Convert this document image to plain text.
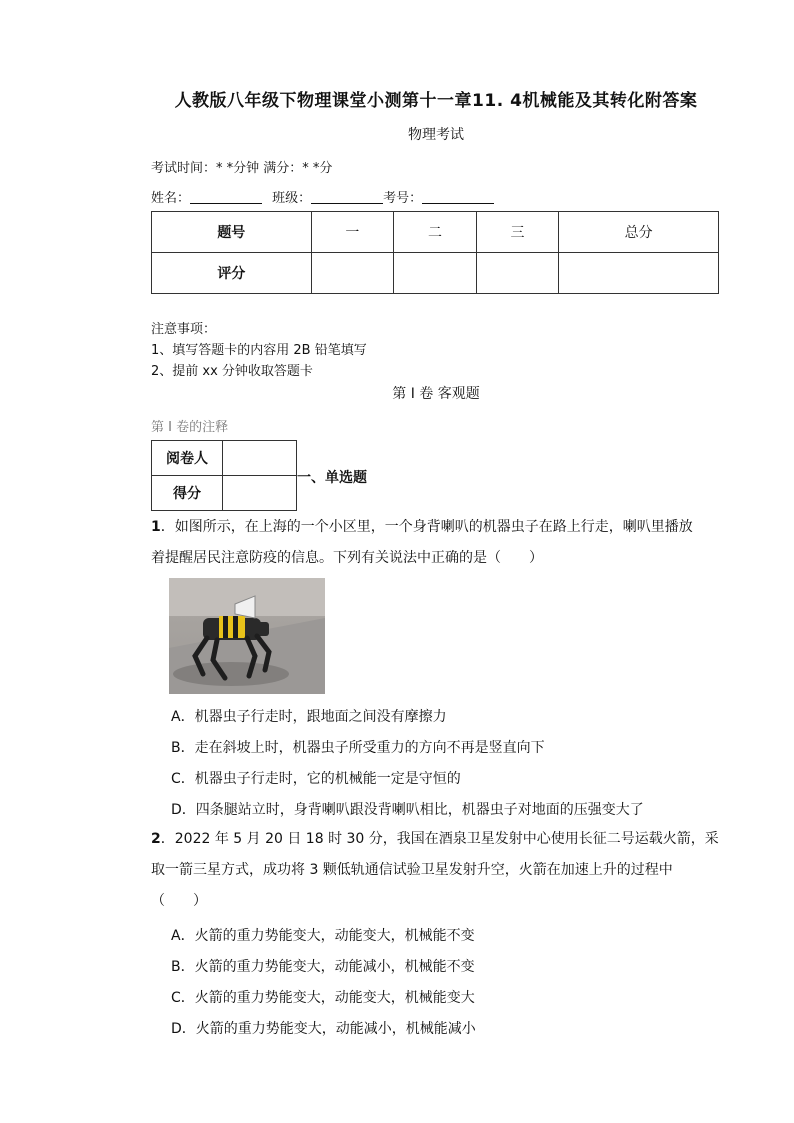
人教版八年级下物理课堂小测第十一章11. 4机械能及其转化附答案
物理考试
考试时间：* *分钟 满分：* *分
姓名：	班级：	考号：
题号	一	二	三	总分
评分				
注意事项：
1、填写答题卡的内容用 2B 铅笔填写
2、提前 xx 分钟收取答题卡
第 I 卷 客观题
第 I 卷的注释
阅卷人	
得分	
一、单选题
1．如图所示，在上海的一个小区里，一个身背喇叭的机器虫子在路上行走，喇叭里播放
着提醒居民注意防疫的信息。下列有关说法中正确的是（　　）
A．机器虫子行走时，跟地面之间没有摩擦力
B．走在斜坡上时，机器虫子所受重力的方向不再是竖直向下
C．机器虫子行走时，它的机械能一定是守恒的
D．四条腿站立时，身背喇叭跟没背喇叭相比，机器虫子对地面的压强变大了
2．2022 年 5 月 20 日 18 时 30 分，我国在酒泉卫星发射中心使用长征二号运载火箭，采
取一箭三星方式，成功将 3 颗低轨通信试验卫星发射升空，火箭在加速上升的过程中
（　　）
A．火箭的重力势能变大，动能变大，机械能不变
B．火箭的重力势能变大，动能减小，机械能不变
C．火箭的重力势能变大，动能变大，机械能变大
D．火箭的重力势能变大，动能减小，机械能减小
